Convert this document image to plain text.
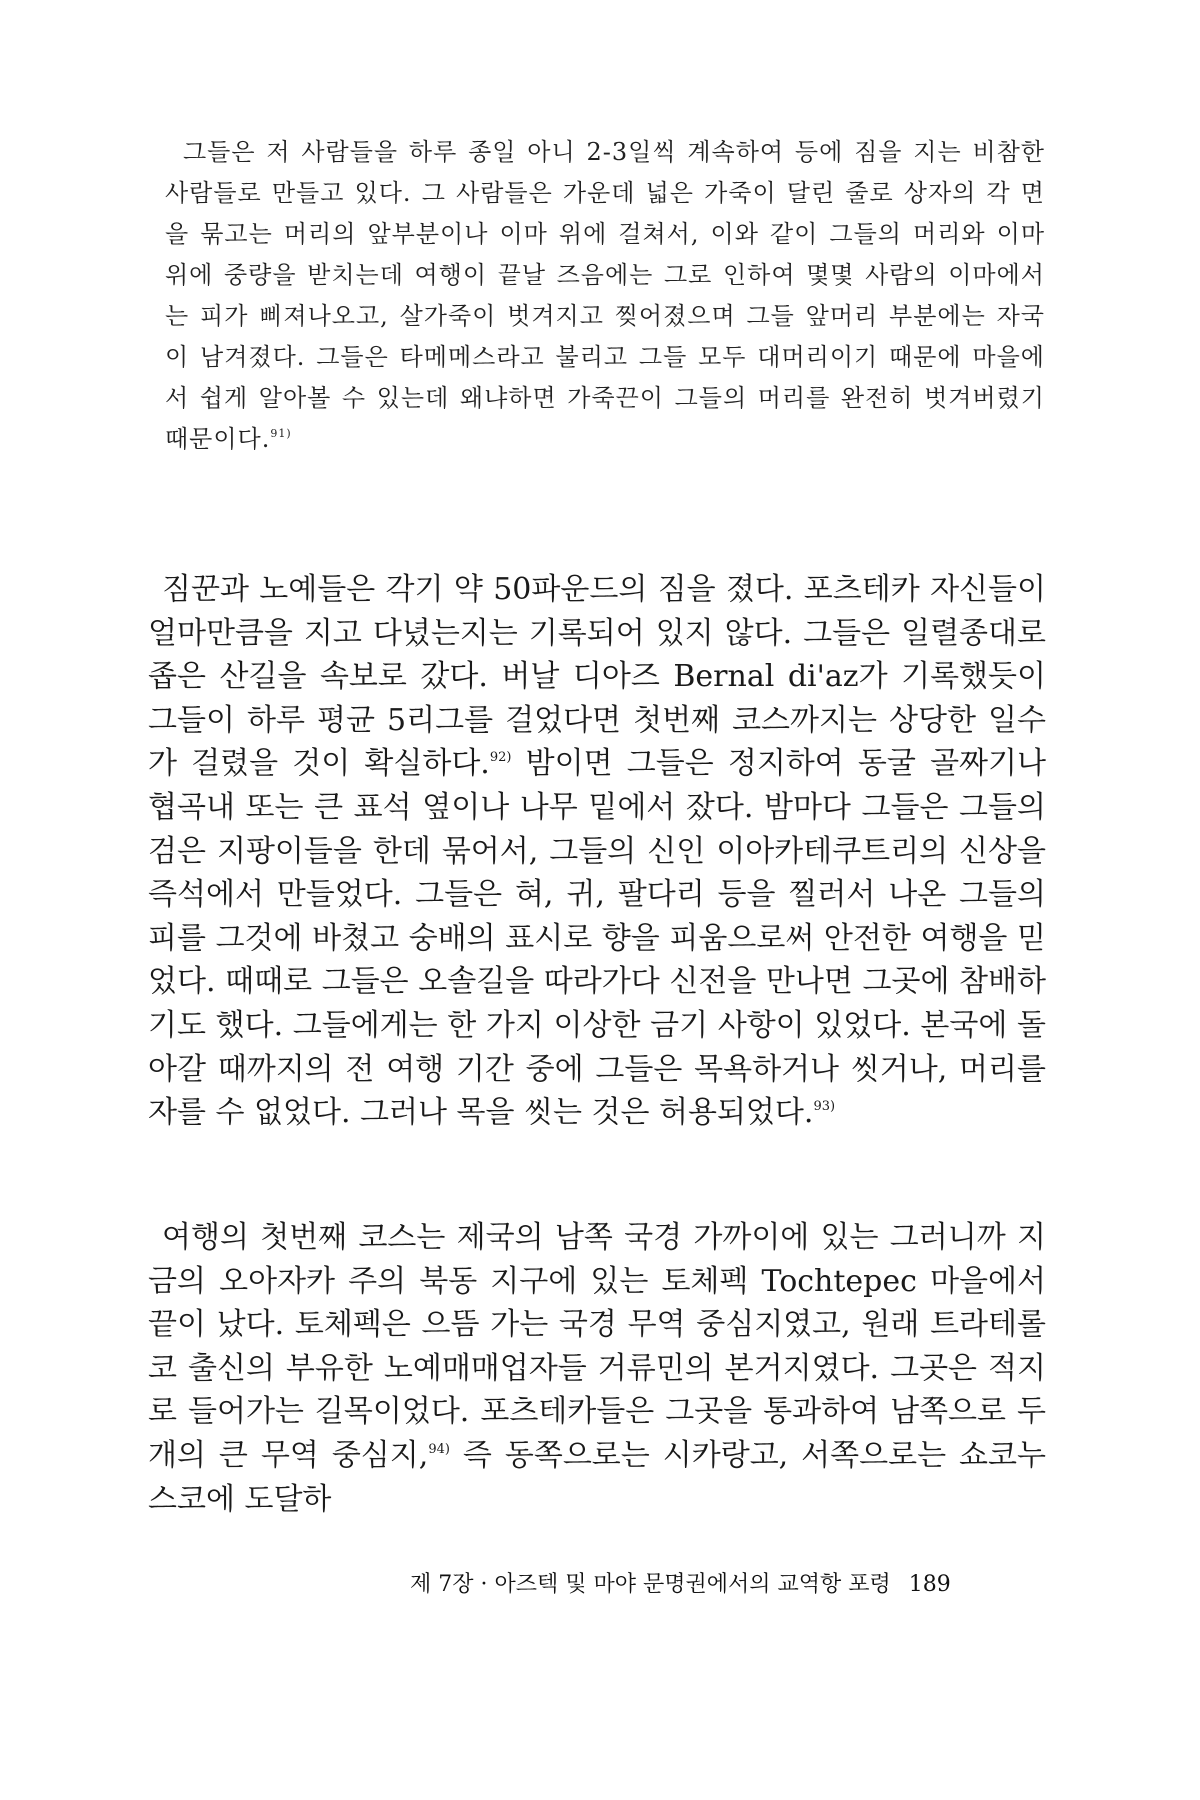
그들은 저 사람들을 하루 종일 아니 2-3일씩 계속하여 등에 짐을 지는 비참한 사람들로 만들고 있다. 그 사람들은 가운데 넓은 가죽이 달린 줄로 상자의 각 면을 묶고는 머리의 앞부분이나 이마 위에 걸쳐서, 이와 같이 그들의 머리와 이마 위에 중량을 받치는데 여행이 끝날 즈음에는 그로 인하여 몇몇 사람의 이마에서는 피가 삐져나오고, 살가죽이 벗겨지고 찢어졌으며 그들 앞머리 부분에는 자국이 남겨졌다. 그들은 타메메스라고 불리고 그들 모두 대머리이기 때문에 마을에서 쉽게 알아볼 수 있는데 왜냐하면 가죽끈이 그들의 머리를 완전히 벗겨버렸기 때문이다.$^{91)}$

짐꾼과 노예들은 각기 약 50파운드의 짐을 졌다. 포츠테카 자신들이 얼마만큼을 지고 다녔는지는 기록되어 있지 않다. 그들은 일렬종대로 좁은 산길을 속보로 갔다. 버날 디아즈 Bernal di'az가 기록했듯이 그들이 하루 평균 5리그를 걸었다면 첫번째 코스까지는 상당한 일수가 걸렸을 것이 확실하다.$^{92)}$ 밤이면 그들은 정지하여 동굴 골짜기나 협곡내 또는 큰 표석 옆이나 나무 밑에서 잤다. 밤마다 그들은 그들의 검은 지팡이들을 한데 묶어서, 그들의 신인 이아카테쿠트리의 신상을 즉석에서 만들었다. 그들은 혀, 귀, 팔다리 등을 찔러서 나온 그들의 피를 그것에 바쳤고 숭배의 표시로 향을 피움으로써 안전한 여행을 믿었다. 때때로 그들은 오솔길을 따라가다 신전을 만나면 그곳에 참배하기도 했다. 그들에게는 한 가지 이상한 금기 사항이 있었다. 본국에 돌아갈 때까지의 전 여행 기간 중에 그들은 목욕하거나 씻거나, 머리를 자를 수 없었다. 그러나 목을 씻는 것은 허용되었다.$^{93)}$

여행의 첫번째 코스는 제국의 남쪽 국경 가까이에 있는 그러니까 지금의 오아자카 주의 북동 지구에 있는 토체펙 Tochtepec 마을에서 끝이 났다. 토체펙은 으뜸 가는 국경 무역 중심지였고, 원래 트라테롤코 출신의 부유한 노예매매업자들 거류민의 본거지였다. 그곳은 적지로 들어가는 길목이었다. 포츠테카들은 그곳을 통과하여 남쪽으로 두 개의 큰 무역 중심지,$^{94)}$ 즉 동쪽으로는 시카랑고, 서쪽으로는 쇼코누스코에 도달하

제 7장 · 아즈텍 및 마야 문명권에서의 교역항 포령 189
